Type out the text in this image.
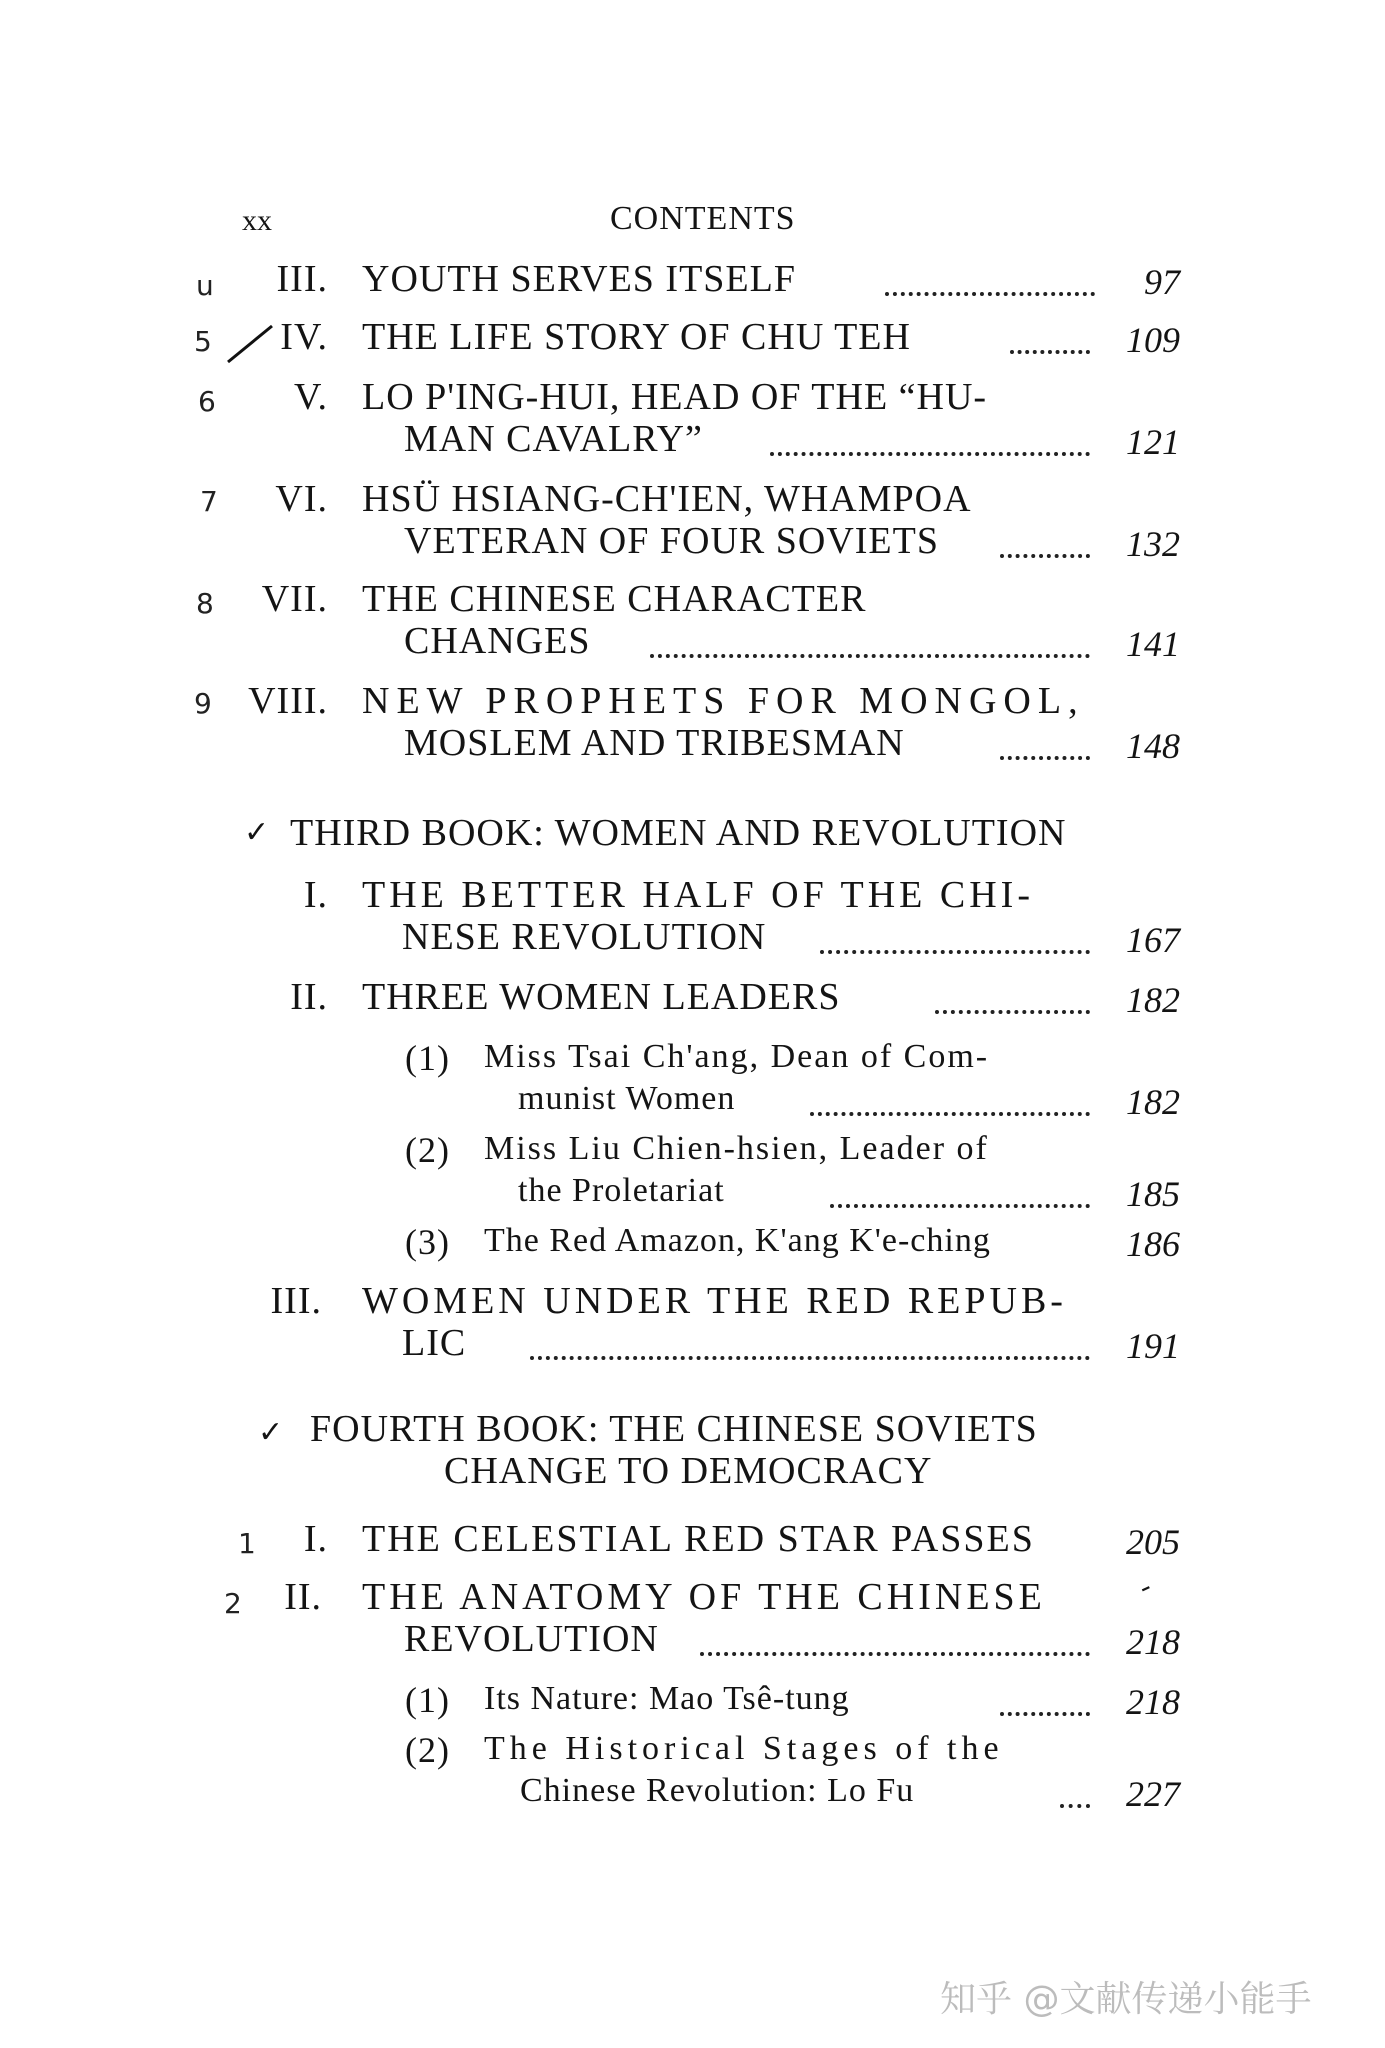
xx	CONTENTS
u	III. YOUTH SERVES ITSELF	97
5	IV. THE LIFE STORY OF CHU TEH	109
6	V. LO P'ING-HUI, HEAD OF THE “HU-
MAN CAVALRY”	121
7	VI. HSÜ HSIANG-CH'IEN, WHAMPOA
VETERAN OF FOUR SOVIETS	132
8	VII. THE CHINESE CHARACTER
CHANGES	141
9 VIII. NEW PROPHETS FOR MONGOL,
MOSLEM AND TRIBESMAN	148
✓ THIRD BOOK: WOMEN AND REVOLUTION
I. THE BETTER HALF OF THE CHI-
NESE REVOLUTION	167
II. THREE WOMEN LEADERS	182
(1) Miss Tsai Ch'ang, Dean of Com-
munist Women	182
(2) Miss Liu Chien-hsien, Leader of
the Proletariat	185
(3) The Red Amazon, K'ang K'e-ching	186
III. WOMEN UNDER THE RED REPUB-
LIC	191
✓ FOURTH BOOK: THE CHINESE SOVIETS
CHANGE TO DEMOCRACY
1	I. THE CELESTIAL RED STAR PASSES	205
2	II. THE ANATOMY OF THE CHINESE	-
REVOLUTION	218
(1) Its Nature: Mao Tsê-tung	218
(2) The Historical Stages of the
Chinese Revolution: Lo Fu	227
知乎 @文献传递小能手
